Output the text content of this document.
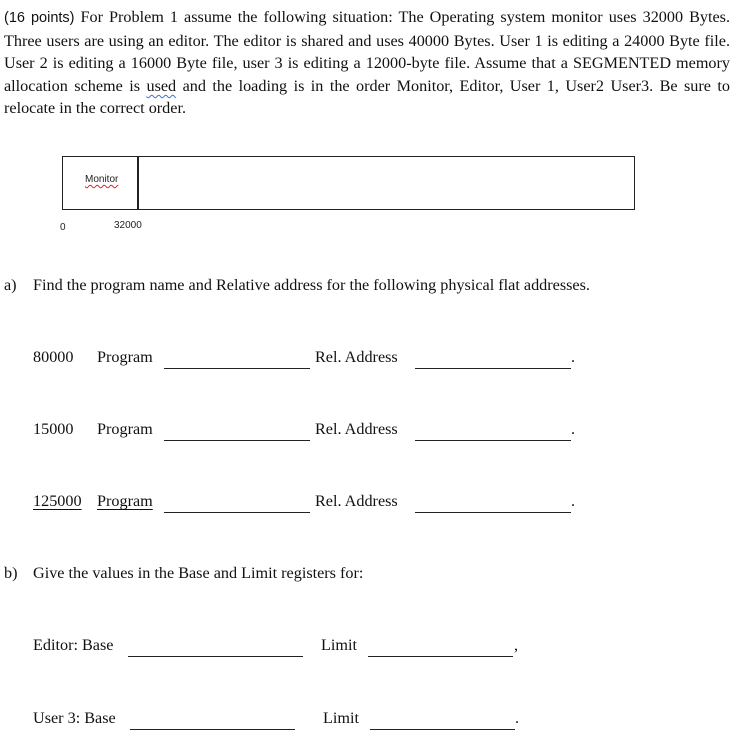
(16 points) For Problem 1 assume the following situation: The Operating system monitor uses 32000 Bytes. Three users are using an editor. The editor is shared and uses 40000 Bytes. User 1 is editing a 24000 Byte file. User 2 is editing a 16000 Byte file, user 3 is editing a 12000-byte file. Assume that a SEGMENTED memory allocation scheme is used and the loading is in the order Monitor, Editor, User 1, User2 User3. Be sure to relocate in the correct order.
Monitor
0	32000
a) Find the program name and Relative address for the following physical flat addresses.
80000 Program	Rel. Address	.
15000 Program	Rel. Address	.
125000 Program	Rel. Address	.
b) Give the values in the Base and Limit registers for:
Editor: Base	Limit	,
User 3: Base	Limit	.
